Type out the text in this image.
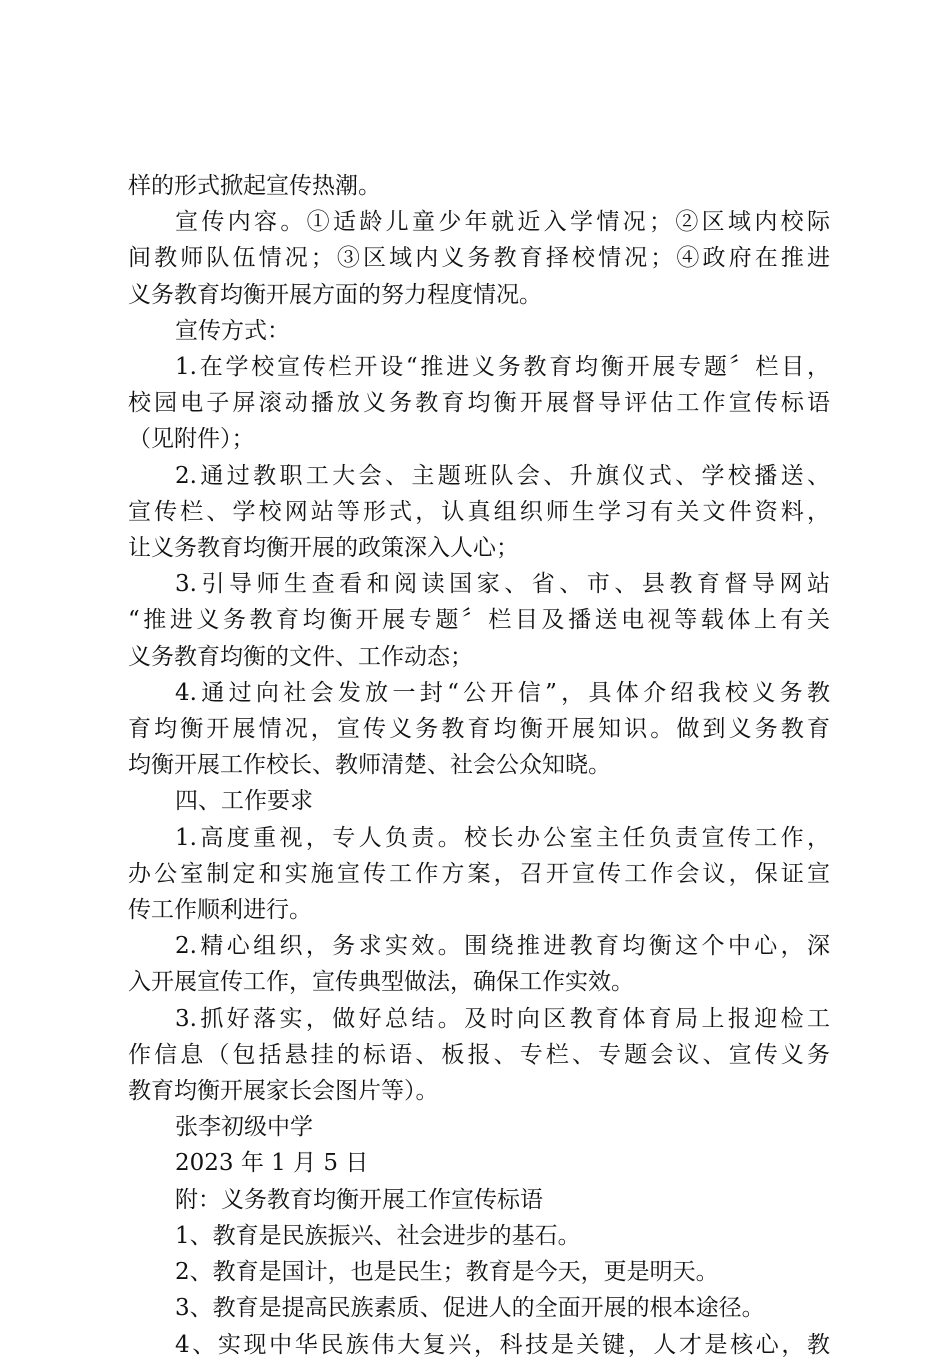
样的形式掀起宣传热潮。

宣传内容。①适龄儿童少年就近入学情况；②区域内校际
间教师队伍情况；③区域内义务教育择校情况；④政府在推进
义务教育均衡开展方面的努力程度情况。

宣传方式：

1.在学校宣传栏开设“推进义务教育均衡开展专题〞栏目，
校园电子屏滚动播放义务教育均衡开展督导评估工作宣传标语
（见附件）；

2.通过教职工大会、主题班队会、升旗仪式、学校播送、
宣传栏、学校网站等形式，认真组织师生学习有关文件资料，
让义务教育均衡开展的政策深入人心；

3.引导师生查看和阅读国家、省、市、县教育督导网站
“推进义务教育均衡开展专题〞栏目及播送电视等载体上有关
义务教育均衡的文件、工作动态；

4.通过向社会发放一封“公开信”，具体介绍我校义务教
育均衡开展情况，宣传义务教育均衡开展知识。做到义务教育
均衡开展工作校长、教师清楚、社会公众知晓。

四、工作要求

1.高度重视，专人负责。校长办公室主任负责宣传工作，
办公室制定和实施宣传工作方案，召开宣传工作会议，保证宣
传工作顺利进行。

2.精心组织，务求实效。围绕推进教育均衡这个中心，深
入开展宣传工作，宣传典型做法，确保工作实效。

3.抓好落实，做好总结。及时向区教育体育局上报迎检工
作信息（包括悬挂的标语、板报、专栏、专题会议、宣传义务
教育均衡开展家长会图片等）。

张李初级中学

2023 年 1 月 5 日

附：义务教育均衡开展工作宣传标语

1、教育是民族振兴、社会进步的基石。

2、教育是国计，也是民生；教育是今天，更是明天。

3、教育是提高民族素质、促进人的全面开展的根本途径。

4、实现中华民族伟大复兴，科技是关键，人才是核心，教
